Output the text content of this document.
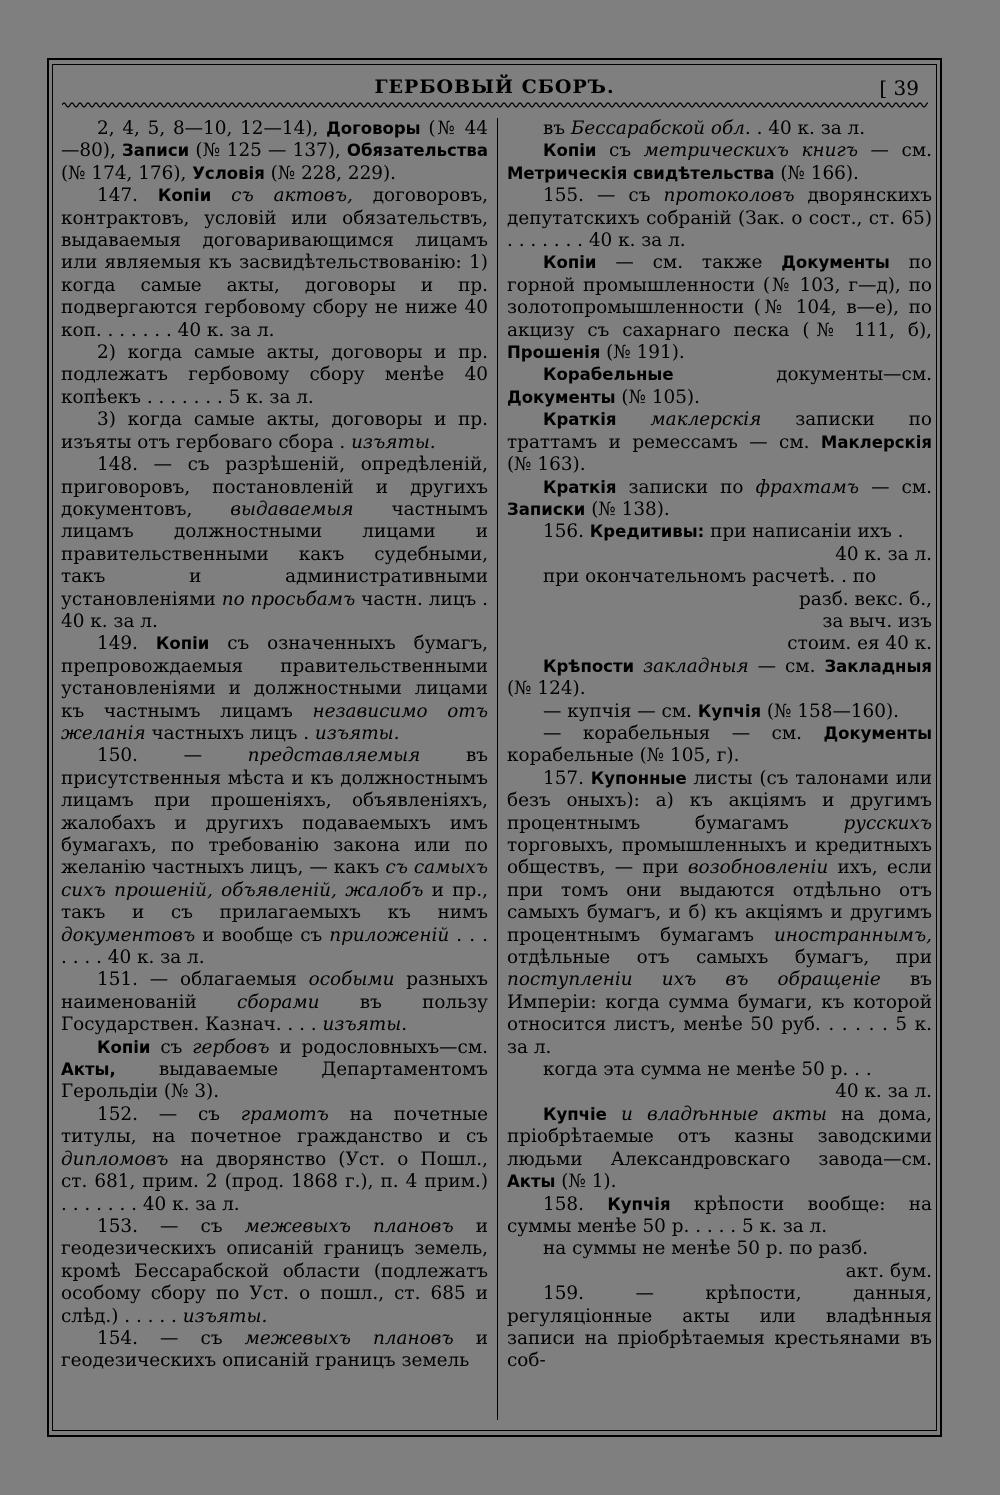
ГЕРБОВЫЙ СБОРЪ.	[ 39

2, 4, 5, 8—10, 12—14), Договоры (№ 44—80), Записи (№ 125 — 137), Обязательства (№ 174, 176), Условія (№ 228, 229).

147. Копіи съ актовъ, договоровъ, контрактовъ, условій или обязательствъ, выдаваемыя договаривающимся лицамъ или являемыя къ засвидѣтельствованію: 1) когда самые акты, договоры и пр. подвергаются гербовому сбору не ниже 40 коп. . . . . . . 40 к. за л.

2) когда самые акты, договоры и пр. подлежатъ гербовому сбору менѣе 40 копѣекъ . . . . . . . 5 к. за л.

3) когда самые акты, договоры и пр. изъяты отъ гербоваго сбора . изъяты.

148. — съ разрѣшеній, опредѣленій, приговоровъ, постановленій и другихъ документовъ, выдаваемыя частнымъ лицамъ должностными лицами и правительственными какъ судебными, такъ и административными установленіями по просьбамъ частн. лицъ . 40 к. за л.

149. Копіи съ означенныхъ бумагъ, препровождаемыя правительственными установленіями и должностными лицами къ частнымъ лицамъ независимо отъ желанія частныхъ лицъ . изъяты.

150. — представляемыя въ присутственныя мѣста и къ должностнымъ лицамъ при прошеніяхъ, объявленіяхъ, жалобахъ и другихъ подаваемыхъ имъ бумагахъ, по требованію закона или по желанію частныхъ лицъ, — какъ съ самыхъ сихъ прошеній, объявленій, жалобъ и пр., такъ и съ прилагаемыхъ къ нимъ документовъ и вообще съ приложеній . . . . . . . 40 к. за л.

151. — облагаемыя особыми разныхъ наименованій сборами въ пользу Государствен. Казнач. . . . изъяты.

Копіи съ гербовъ и родословныхъ—см. Акты, выдаваемые Департаментомъ Герольдіи (№ 3).

152. — съ грамотъ на почетные титулы, на почетное гражданство и съ дипломовъ на дворянство (Уст. о Пошл., ст. 681, прим. 2 (прод. 1868 г.), п. 4 прим.) . . . . . . . 40 к. за л.

153. — съ межевыхъ плановъ и геодезическихъ описаній границъ земель, кромѣ Бессарабской области (подлежатъ особому сбору по Уст. о пошл., ст. 685 и слѣд.) . . . . . изъяты.

154. — съ межевыхъ плановъ и геодезическихъ описаній границъ земель

въ Бессарабской обл. . 40 к. за л.

Копіи съ метрическихъ книгъ — см. Метрическія свидѣтельства (№ 166).

155. — съ протоколовъ дворянскихъ депутатскихъ собраній (Зак. о сост., ст. 65) . . . . . . . 40 к. за л.

Копіи — см. также Документы по горной промышленности (№ 103, г—д), по золотопромышленности (№ 104, в—е), по акцизу съ сахарнаго песка (№ 111, б), Прошенія (№ 191).

Корабельные документы—см. Документы (№ 105).

Краткія маклерскія записки по траттамъ и ремессамъ — см. Маклерскія (№ 163).

Краткія записки по фрахтамъ — см. Записки (№ 138).

156. Кредитивы: при написаніи ихъ .

40 к. за л.

при окончательномъ расчетѣ. . по

разб. векс. б.,

за выч. изъ

стоим. ея 40 к.

Крѣпости закладныя — см. Закладныя (№ 124).

— купчія — см. Купчія (№ 158—160).

— корабельныя — см. Документы корабельные (№ 105, г).

157. Купонные листы (съ талонами или безъ оныхъ): а) къ акціямъ и другимъ процентнымъ бумагамъ русскихъ торговыхъ, промышленныхъ и кредитныхъ обществъ, — при возобновленіи ихъ, если при томъ они выдаются отдѣльно отъ самыхъ бумагъ, и б) къ акціямъ и другимъ процентнымъ бумагамъ иностраннымъ, отдѣльные отъ самыхъ бумагъ, при поступленіи ихъ въ обращеніе въ Имперіи: когда сумма бумаги, къ которой относится листъ, менѣе 50 руб. . . . . . 5 к. за л.

когда эта сумма не менѣе 50 р. . .

40 к. за л.

Купчіе и владѣнные акты на дома, пріобрѣтаемые отъ казны заводскими людьми Александровскаго завода—см. Акты (№ 1).

158. Купчія крѣпости вообще: на суммы менѣе 50 р. . . . . 5 к. за л.

на суммы не менѣе 50 р. по разб.

акт. бум.

159. — крѣпости, данныя, регуляціонные акты или владѣнныя записи на пріобрѣтаемыя крестьянами въ соб-
